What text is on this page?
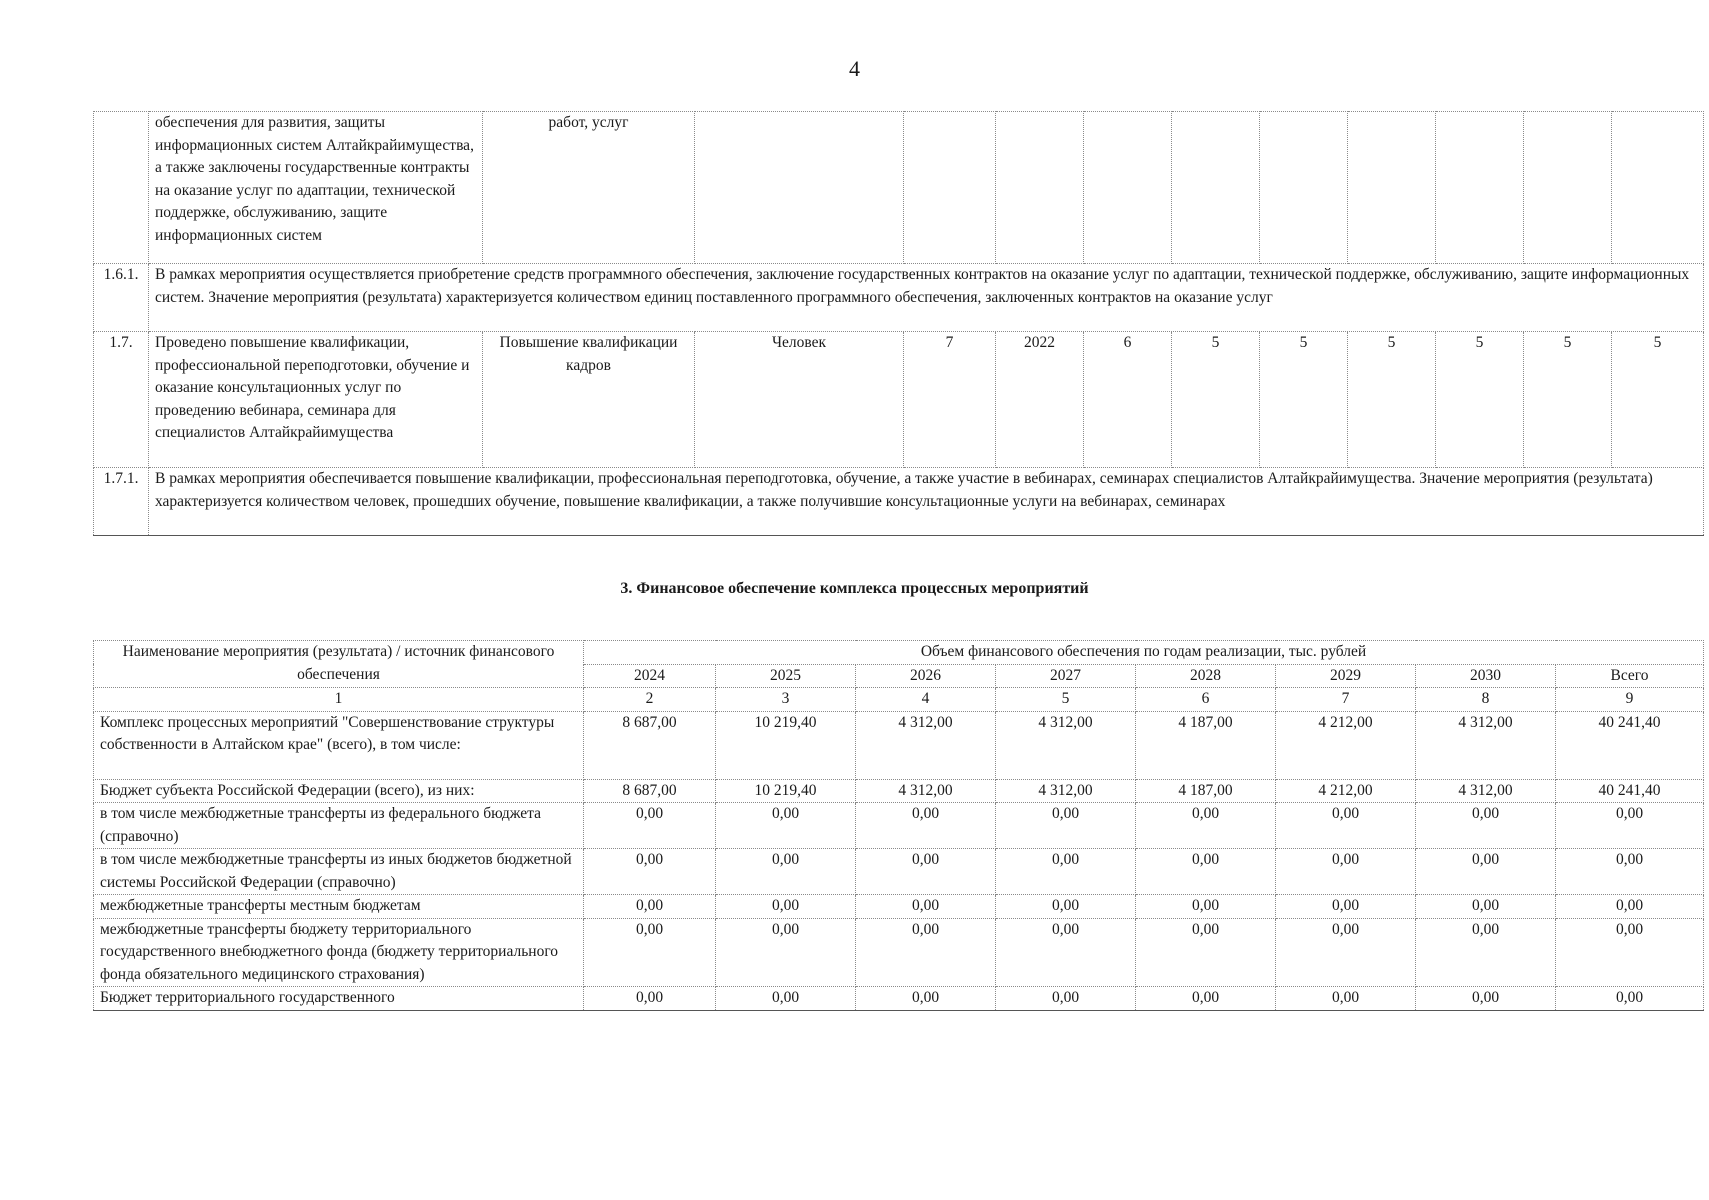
4
	обеспечения для развития, защиты информационных систем Алтайкрайимущества, а также заключены государственные контракты на оказание услуг по адаптации, технической поддержке, обслуживанию, защите информационных систем	работ, услуг										
1.6.1.	В рамках мероприятия осуществляется приобретение средств программного обеспечения, заключение государственных контрактов на оказание услуг по адаптации, технической поддержке, обслуживанию, защите информационных систем. Значение мероприятия (результата) характеризуется количеством единиц поставленного программного обеспечения, заключенных контрактов на оказание услуг											
1.7.	Проведено повышение квалификации, профессиональной переподготовки, обучение и оказание консультационных услуг по проведению вебинара, семинара для специалистов Алтайкрайимущества	Повышение квалификации кадров	Человек	7	2022	6	5	5	5	5	5	5
1.7.1.	В рамках мероприятия обеспечивается повышение квалификации, профессиональная переподготовка, обучение, а также участие в вебинарах, семинарах специалистов Алтайкрайимущества. Значение мероприятия (результата) характеризуется количеством человек, прошедших обучение, повышение квалификации, а также получившие консультационные услуги на вебинарах, семинарах											
3. Финансовое обеспечение комплекса процессных мероприятий
Наименование мероприятия (результата) / источник финансового обеспечения	Объем финансового обеспечения по годам реализации, тыс. рублей							
	2024	2025	2026	2027	2028	2029	2030	Всего
1	2	3	4	5	6	7	8	9
Комплекс процессных мероприятий "Совершенствование структуры собственности в Алтайском крае" (всего), в том числе:	8 687,00	10 219,40	4 312,00	4 312,00	4 187,00	4 212,00	4 312,00	40 241,40
Бюджет субъекта Российской Федерации (всего), из них:	8 687,00	10 219,40	4 312,00	4 312,00	4 187,00	4 212,00	4 312,00	40 241,40
в том числе межбюджетные трансферты из федерального бюджета (справочно)	0,00	0,00	0,00	0,00	0,00	0,00	0,00	0,00
в том числе межбюджетные трансферты из иных бюджетов бюджетной системы Российской Федерации (справочно)	0,00	0,00	0,00	0,00	0,00	0,00	0,00	0,00
межбюджетные трансферты местным бюджетам	0,00	0,00	0,00	0,00	0,00	0,00	0,00	0,00
межбюджетные трансферты бюджету территориального государственного внебюджетного фонда (бюджету территориального фонда обязательного медицинского страхования)	0,00	0,00	0,00	0,00	0,00	0,00	0,00	0,00
Бюджет территориального государственного	0,00	0,00	0,00	0,00	0,00	0,00	0,00	0,00
